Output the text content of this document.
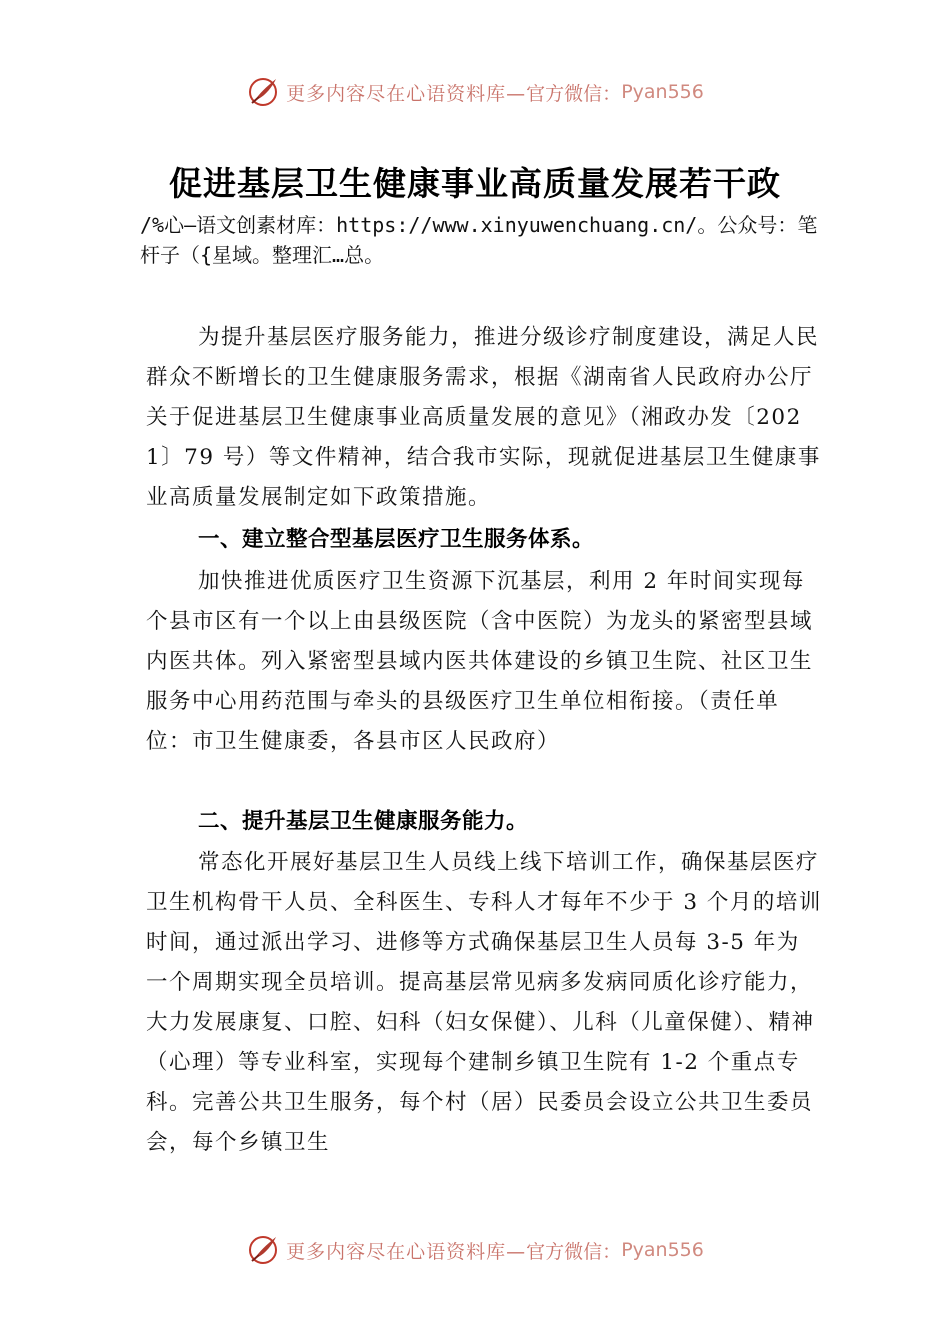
更多内容尽在心语资料库— 官方微信： Pyan556
促进基层卫生健康事业高质量发展若干政
/%心—语文创素材库：https://www.xinyuwenchuang.cn/。公众号：笔杆子（{星域。整理汇…总。

为提升基层医疗服务能力，推进分级诊疗制度建设，满足人民群众不断增长的卫生健康服务需求，根据《湖南省人民政府办公厅关于促进基层卫生健康事业高质量发展的意见》（湘政办发〔2021〕79 号）等文件精神，结合我市实际，现就促进基层卫生健康事业高质量发展制定如下政策措施。

一、建立整合型基层医疗卫生服务体系。

加快推进优质医疗卫生资源下沉基层，利用 2 年时间实现每个县市区有一个以上由县级医院（含中医院）为龙头的紧密型县域内医共体。列入紧密型县域内医共体建设的乡镇卫生院、社区卫生服务中心用药范围与牵头的县级医疗卫生单位相衔接。（责任单位：市卫生健康委，各县市区人民政府）

二、提升基层卫生健康服务能力。

常态化开展好基层卫生人员线上线下培训工作，确保基层医疗卫生机构骨干人员、全科医生、专科人才每年不少于 3 个月的培训时间，通过派出学习、进修等方式确保基层卫生人员每 3-5 年为一个周期实现全员培训。提高基层常见病多发病同质化诊疗能力，大力发展康复、口腔、妇科（妇女保健）、儿科（儿童保健）、精神（心理）等专业科室，实现每个建制乡镇卫生院有 1-2 个重点专科。完善公共卫生服务，每个村（居）民委员会设立公共卫生委员会，每个乡镇卫生

更多内容尽在心语资料库— 官方微信： Pyan556
